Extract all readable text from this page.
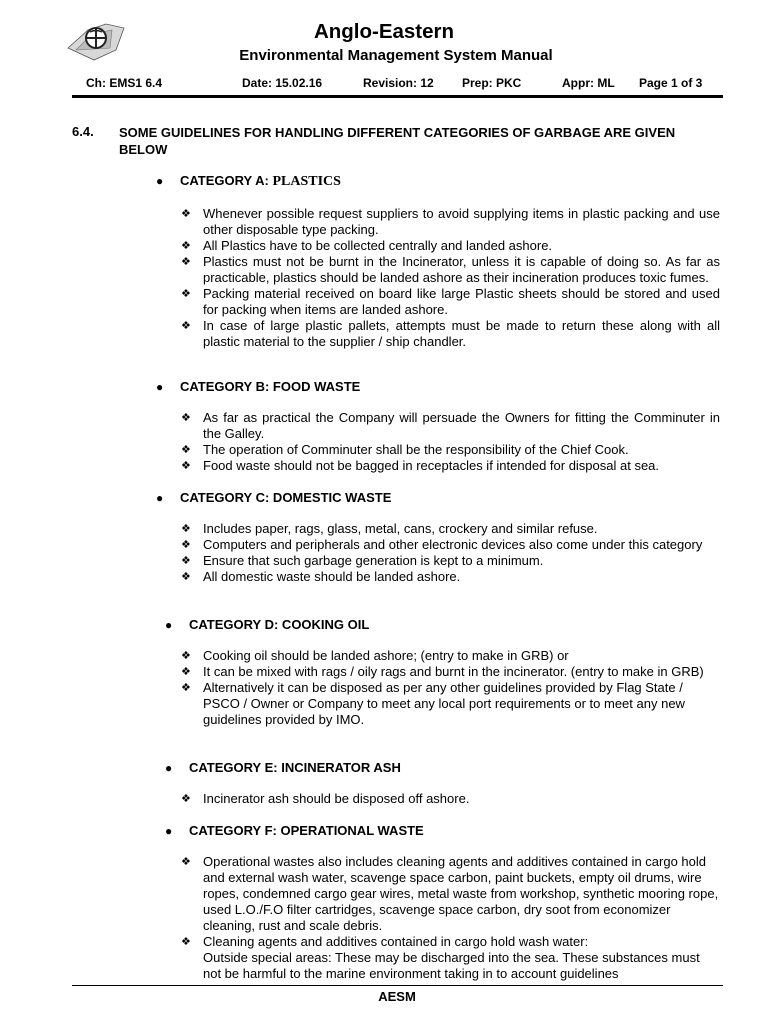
Anglo-Eastern
Environmental Management System Manual
Ch: EMS1 6.4	Date: 15.02.16	Revision: 12 Prep: PKC	Appr: ML Page 1 of 3
6.4. SOME GUIDELINES FOR HANDLING DIFFERENT CATEGORIES OF GARBAGE ARE GIVEN BELOW
● CATEGORY A: PLASTICS
❖ Whenever possible request suppliers to avoid supplying items in plastic packing and use other disposable type packing.
❖ All Plastics have to be collected centrally and landed ashore.
❖ Plastics must not be burnt in the Incinerator, unless it is capable of doing so. As far as practicable, plastics should be landed ashore as their incineration produces toxic fumes.
❖ Packing material received on board like large Plastic sheets should be stored and used for packing when items are landed ashore.
❖ In case of large plastic pallets, attempts must be made to return these along with all plastic material to the supplier / ship chandler.
● CATEGORY B: FOOD WASTE
❖ As far as practical the Company will persuade the Owners for fitting the Comminuter in the Galley.
❖ The operation of Comminuter shall be the responsibility of the Chief Cook.
❖ Food waste should not be bagged in receptacles if intended for disposal at sea.
● CATEGORY C: DOMESTIC WASTE
❖ Includes paper, rags, glass, metal, cans, crockery and similar refuse.
❖ Computers and peripherals and other electronic devices also come under this category
❖ Ensure that such garbage generation is kept to a minimum.
❖ All domestic waste should be landed ashore.
● CATEGORY D: COOKING OIL
❖ Cooking oil should be landed ashore; (entry to make in GRB) or
❖ It can be mixed with rags / oily rags and burnt in the incinerator. (entry to make in GRB)
❖ Alternatively it can be disposed as per any other guidelines provided by Flag State / PSCO / Owner or Company to meet any local port requirements or to meet any new guidelines provided by IMO.
● CATEGORY E: INCINERATOR ASH
❖ Incinerator ash should be disposed off ashore.
● CATEGORY F: OPERATIONAL WASTE
❖ Operational wastes also includes cleaning agents and additives contained in cargo hold and external wash water, scavenge space carbon, paint buckets, empty oil drums, wire ropes, condemned cargo gear wires, metal waste from workshop, synthetic mooring rope, used L.O./F.O filter cartridges, scavenge space carbon, dry soot from economizer cleaning, rust and scale debris.
❖ Cleaning agents and additives contained in cargo hold wash water:
Outside special areas: These may be discharged into the sea. These substances must not be harmful to the marine environment taking in to account guidelines
AESM
